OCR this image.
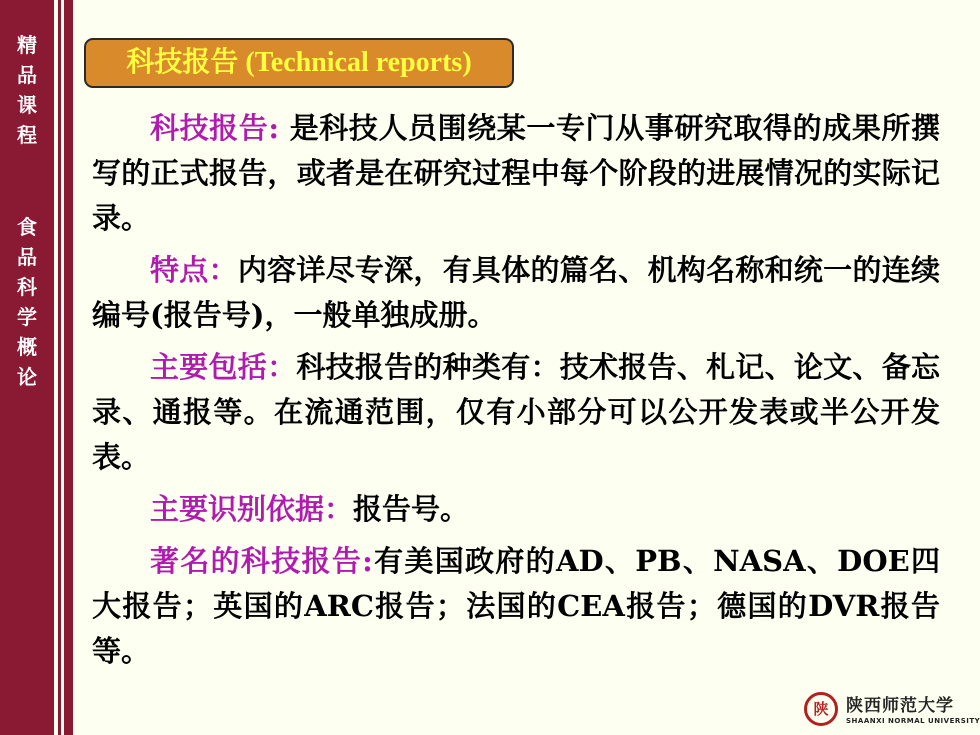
精
品
课
程
食
品
科
学
概
论
科技报告 (Technical reports)

科技报告: 是科技人员围绕某一专门从事研究取得的成果所撰写的正式报告，或者是在研究过程中每个阶段的进展情况的实际记录。

特点：内容详尽专深，有具体的篇名、机构名称和统一的连续编号(报告号)，一般单独成册。

主要包括：科技报告的种类有：技术报告、札记、论文、备忘录、通报等。在流通范围，仅有小部分可以公开发表或半公开发表。

主要识别依据：报告号。

著名的科技报告:有美国政府的AD、PB、NASA、DOE四大报告；英国的ARC报告；法国的CEA报告；德国的DVR报告等。

陕	陕西师范大学
SHAANXI NORMAL UNIVERSITY
